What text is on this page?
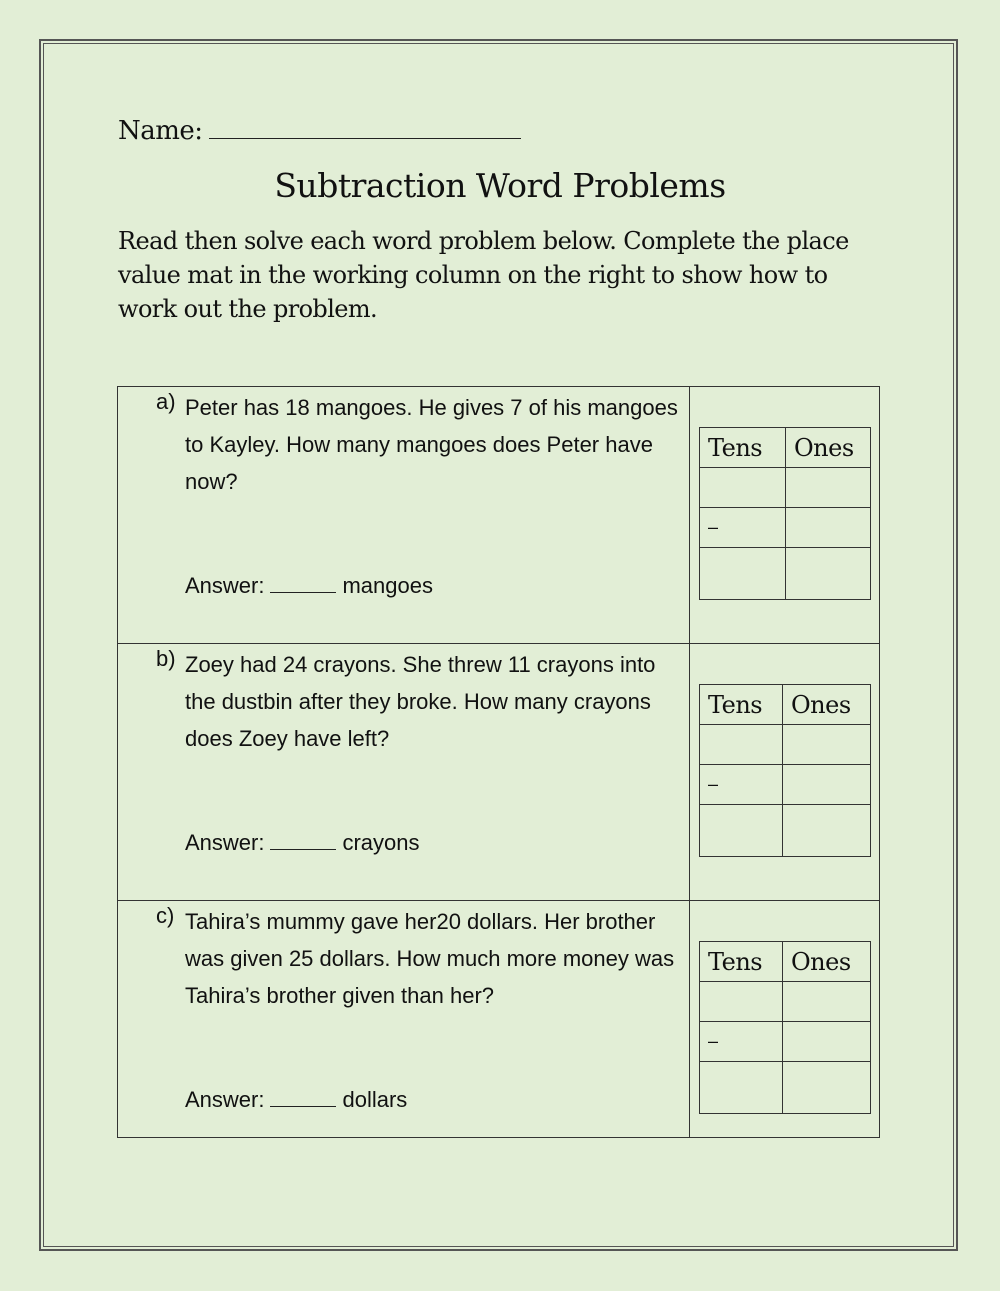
Name:
Subtraction Word Problems
Read then solve each word problem below. Complete the place value mat in the working column on the right to show how to work out the problem.
a) Peter has 18 mangoes. He gives 7 of his mangoes to Kayley. How many mangoes does Peter have now?
Answer:	mangoes
Tens	Ones

–	

b) Zoey had 24 crayons. She threw 11 crayons into the dustbin after they broke. How many crayons does Zoey have left?
Answer:	crayons
Tens	Ones

–	

c) Tahira’s mummy gave her20 dollars. Her brother was given 25 dollars. How much more money was Tahira’s brother given than her?
Answer:	dollars
Tens	Ones

–	
